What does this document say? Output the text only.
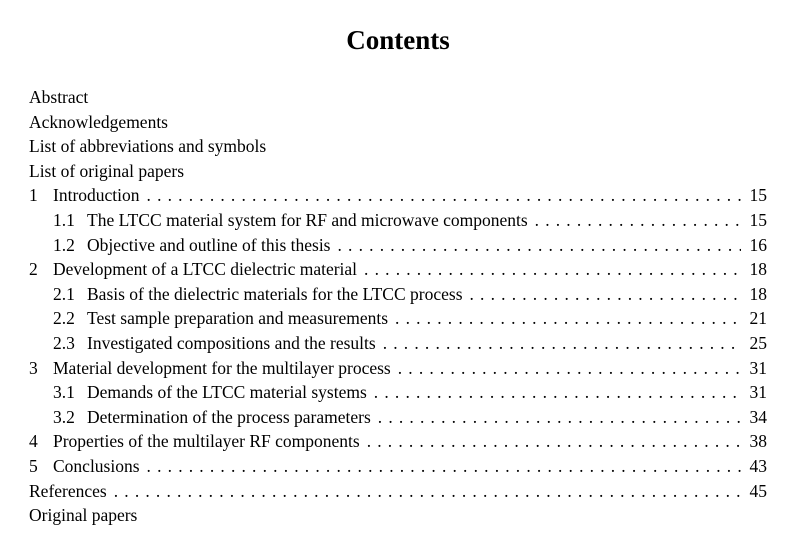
Contents
Abstract
Acknowledgements
List of abbreviations and symbols
List of original papers
1 Introduction . . .	15
1.1 The LTCC material system for RF and microwave components . . .	15
1.2 Objective and outline of this thesis . . .	16
2 Development of a LTCC dielectric material . . .	18
2.1 Basis of the dielectric materials for the LTCC process . . .	18
2.2 Test sample preparation and measurements . . .	21
2.3 Investigated compositions and the results . . .	25
3 Material development for the multilayer process . . .	31
3.1 Demands of the LTCC material systems . . .	31
3.2 Determination of the process parameters . . .	34
4 Properties of the multilayer RF components . . .	38
5 Conclusions . . .	43
References . . .	45
Original papers
